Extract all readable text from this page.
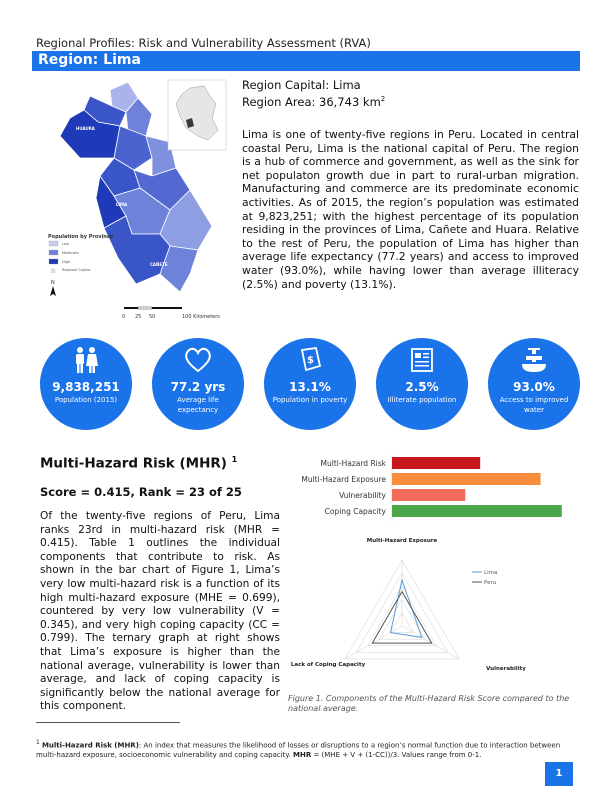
Regional Profiles: Risk and Vulnerability Assessment (RVA)
Region: Lima
HUAURA
LIMA
CAÑETE
Population by Province
Low
Moderate
High
☆ Regional Capital
N
0 25 50	100 Kilometers
Region Capital: Lima
Region Area: 36,743 $km^2$
Lima is one of twenty-five regions in Peru. Located in central coastal Peru, Lima is the national capital of Peru. The region is a hub of commerce and government, as well as the sink for net populaton growth due in part to rural-urban migration. Manufacturing and commerce are its predominate economic activities. As of 2015, the region’s population was estimated at 9,823,251; with the highest percentage of its population residing in the provinces of Lima, Cañete and Huara. Relative to the rest of Peru, the population of Lima has higher than average life expectancy (77.2 years) and access to improved water (93.0%), while having lower than average illiteracy (2.5%) and poverty (13.1%).
9,838,251
Population (2015)
77.2 yrs
Average life expectancy
$
13.1%
Population in poverty
2.5%
Illiterate population
93.0%
Access to improved water
Multi-Hazard Risk (MHR) $^1$
Score = 0.415, Rank = 23 of 25
Of the twenty-five regions of Peru, Lima ranks 23rd in multi-hazard risk (MHR = 0.415). Table 1 outlines the individual components that contribute to risk. As shown in the bar chart of Figure 1, Lima’s very low multi-hazard risk is a function of its high multi-hazard exposure (MHE = 0.699), countered by very low vulnerability (V = 0.345), and very high coping capacity (CC = 0.799). The ternary graph at right shows that Lima’s exposure is higher than the national average, vulnerability is lower than average, and lack of coping capacity is significantly below the national average for this component.
Multi-Hazard Risk
Multi-Hazard Exposure
Vulnerability
Coping Capacity
Multi-Hazard Exposure
Vulnerability
Lack of Coping Capacity
Lima
Peru
Figure 1. Components of the Multi-Hazard Risk Score compared to the national average.
$^1$ Multi-Hazard Risk (MHR): An index that measures the likelihood of losses or disruptions to a region’s normal function due to interaction between multi-hazard exposure, socioeconomic vulnerability and coping capacity. MHR = (MHE + V + (1-CC))/3. Values range from 0-1.
1
